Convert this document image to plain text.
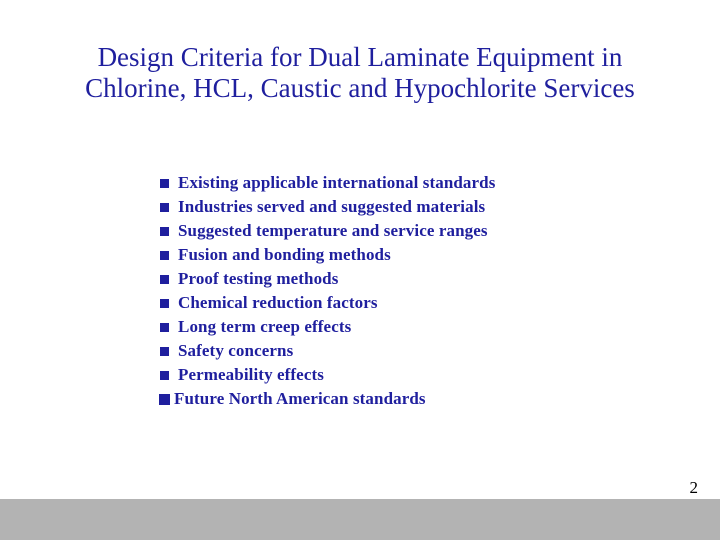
Design Criteria for Dual Laminate Equipment in
Chlorine, HCL, Caustic and Hypochlorite Services
Existing applicable international standards
Industries served and suggested materials
Suggested temperature and service ranges
Fusion and bonding methods
Proof testing methods
Chemical reduction factors
Long term creep effects
Safety concerns
Permeability effects
Future North American standards
2
